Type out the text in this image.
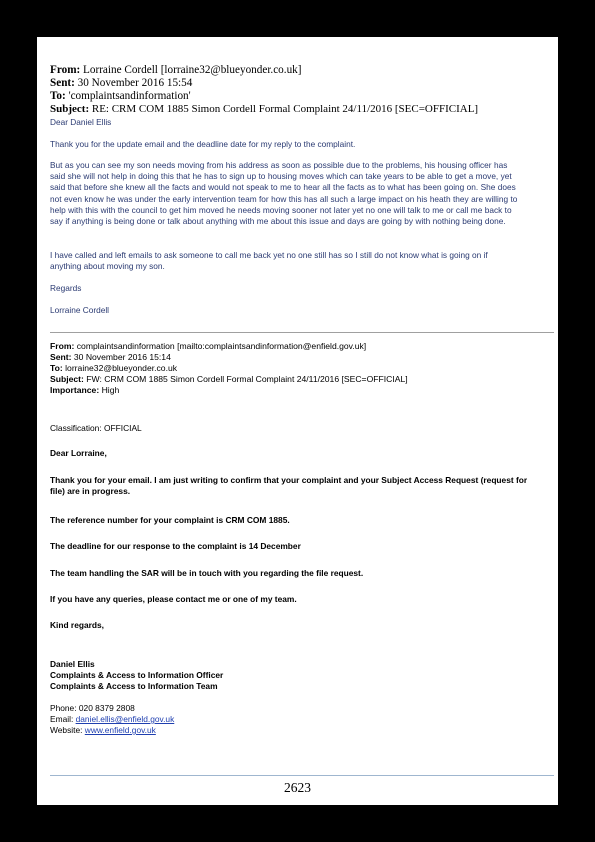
From: Lorraine Cordell [lorraine32@blueyonder.co.uk]
Sent: 30 November 2016 15:54
To: 'complaintsandinformation'
Subject: RE: CRM COM 1885 Simon Cordell Formal Complaint 24/11/2016 [SEC=OFFICIAL]
Dear Daniel Ellis
Thank you for the update email and the deadline date for my reply to the complaint.
But as you can see my son needs moving from his address as soon as possible due to the problems, his housing officer has said she will not help in doing this that he has to sign up to housing moves which can take years to be able to get a move, yet said that before she knew all the facts and would not speak to me to hear all the facts as to what has been going on. She does not even know he was under the early intervention team for how this has all such a large impact on his heath they are willing to help with this with the council to get him moved he needs moving sooner not later yet no one will talk to me or call me back to say if anything is being done or talk about anything with me about this issue and days are going by with nothing being done.
I have called and left emails to ask someone to call me back yet no one still has so I still do not know what is going on if anything about moving my son.
Regards
Lorraine Cordell
From: complaintsandinformation [mailto:complaintsandinformation@enfield.gov.uk]
Sent: 30 November 2016 15:14
To: lorraine32@blueyonder.co.uk
Subject: FW: CRM COM 1885 Simon Cordell Formal Complaint 24/11/2016 [SEC=OFFICIAL]
Importance: High
Classification: OFFICIAL
Dear Lorraine,
Thank you for your email. I am just writing to confirm that your complaint and your Subject Access Request (request for file) are in progress.
The reference number for your complaint is CRM COM 1885.
The deadline for our response to the complaint is 14 December
The team handling the SAR will be in touch with you regarding the file request.
If you have any queries, please contact me or one of my team.
Kind regards,
Daniel Ellis
Complaints & Access to Information Officer
Complaints & Access to Information Team
Phone: 020 8379 2808
Email: daniel.ellis@enfield.gov.uk
Website: www.enfield.gov.uk
2623
